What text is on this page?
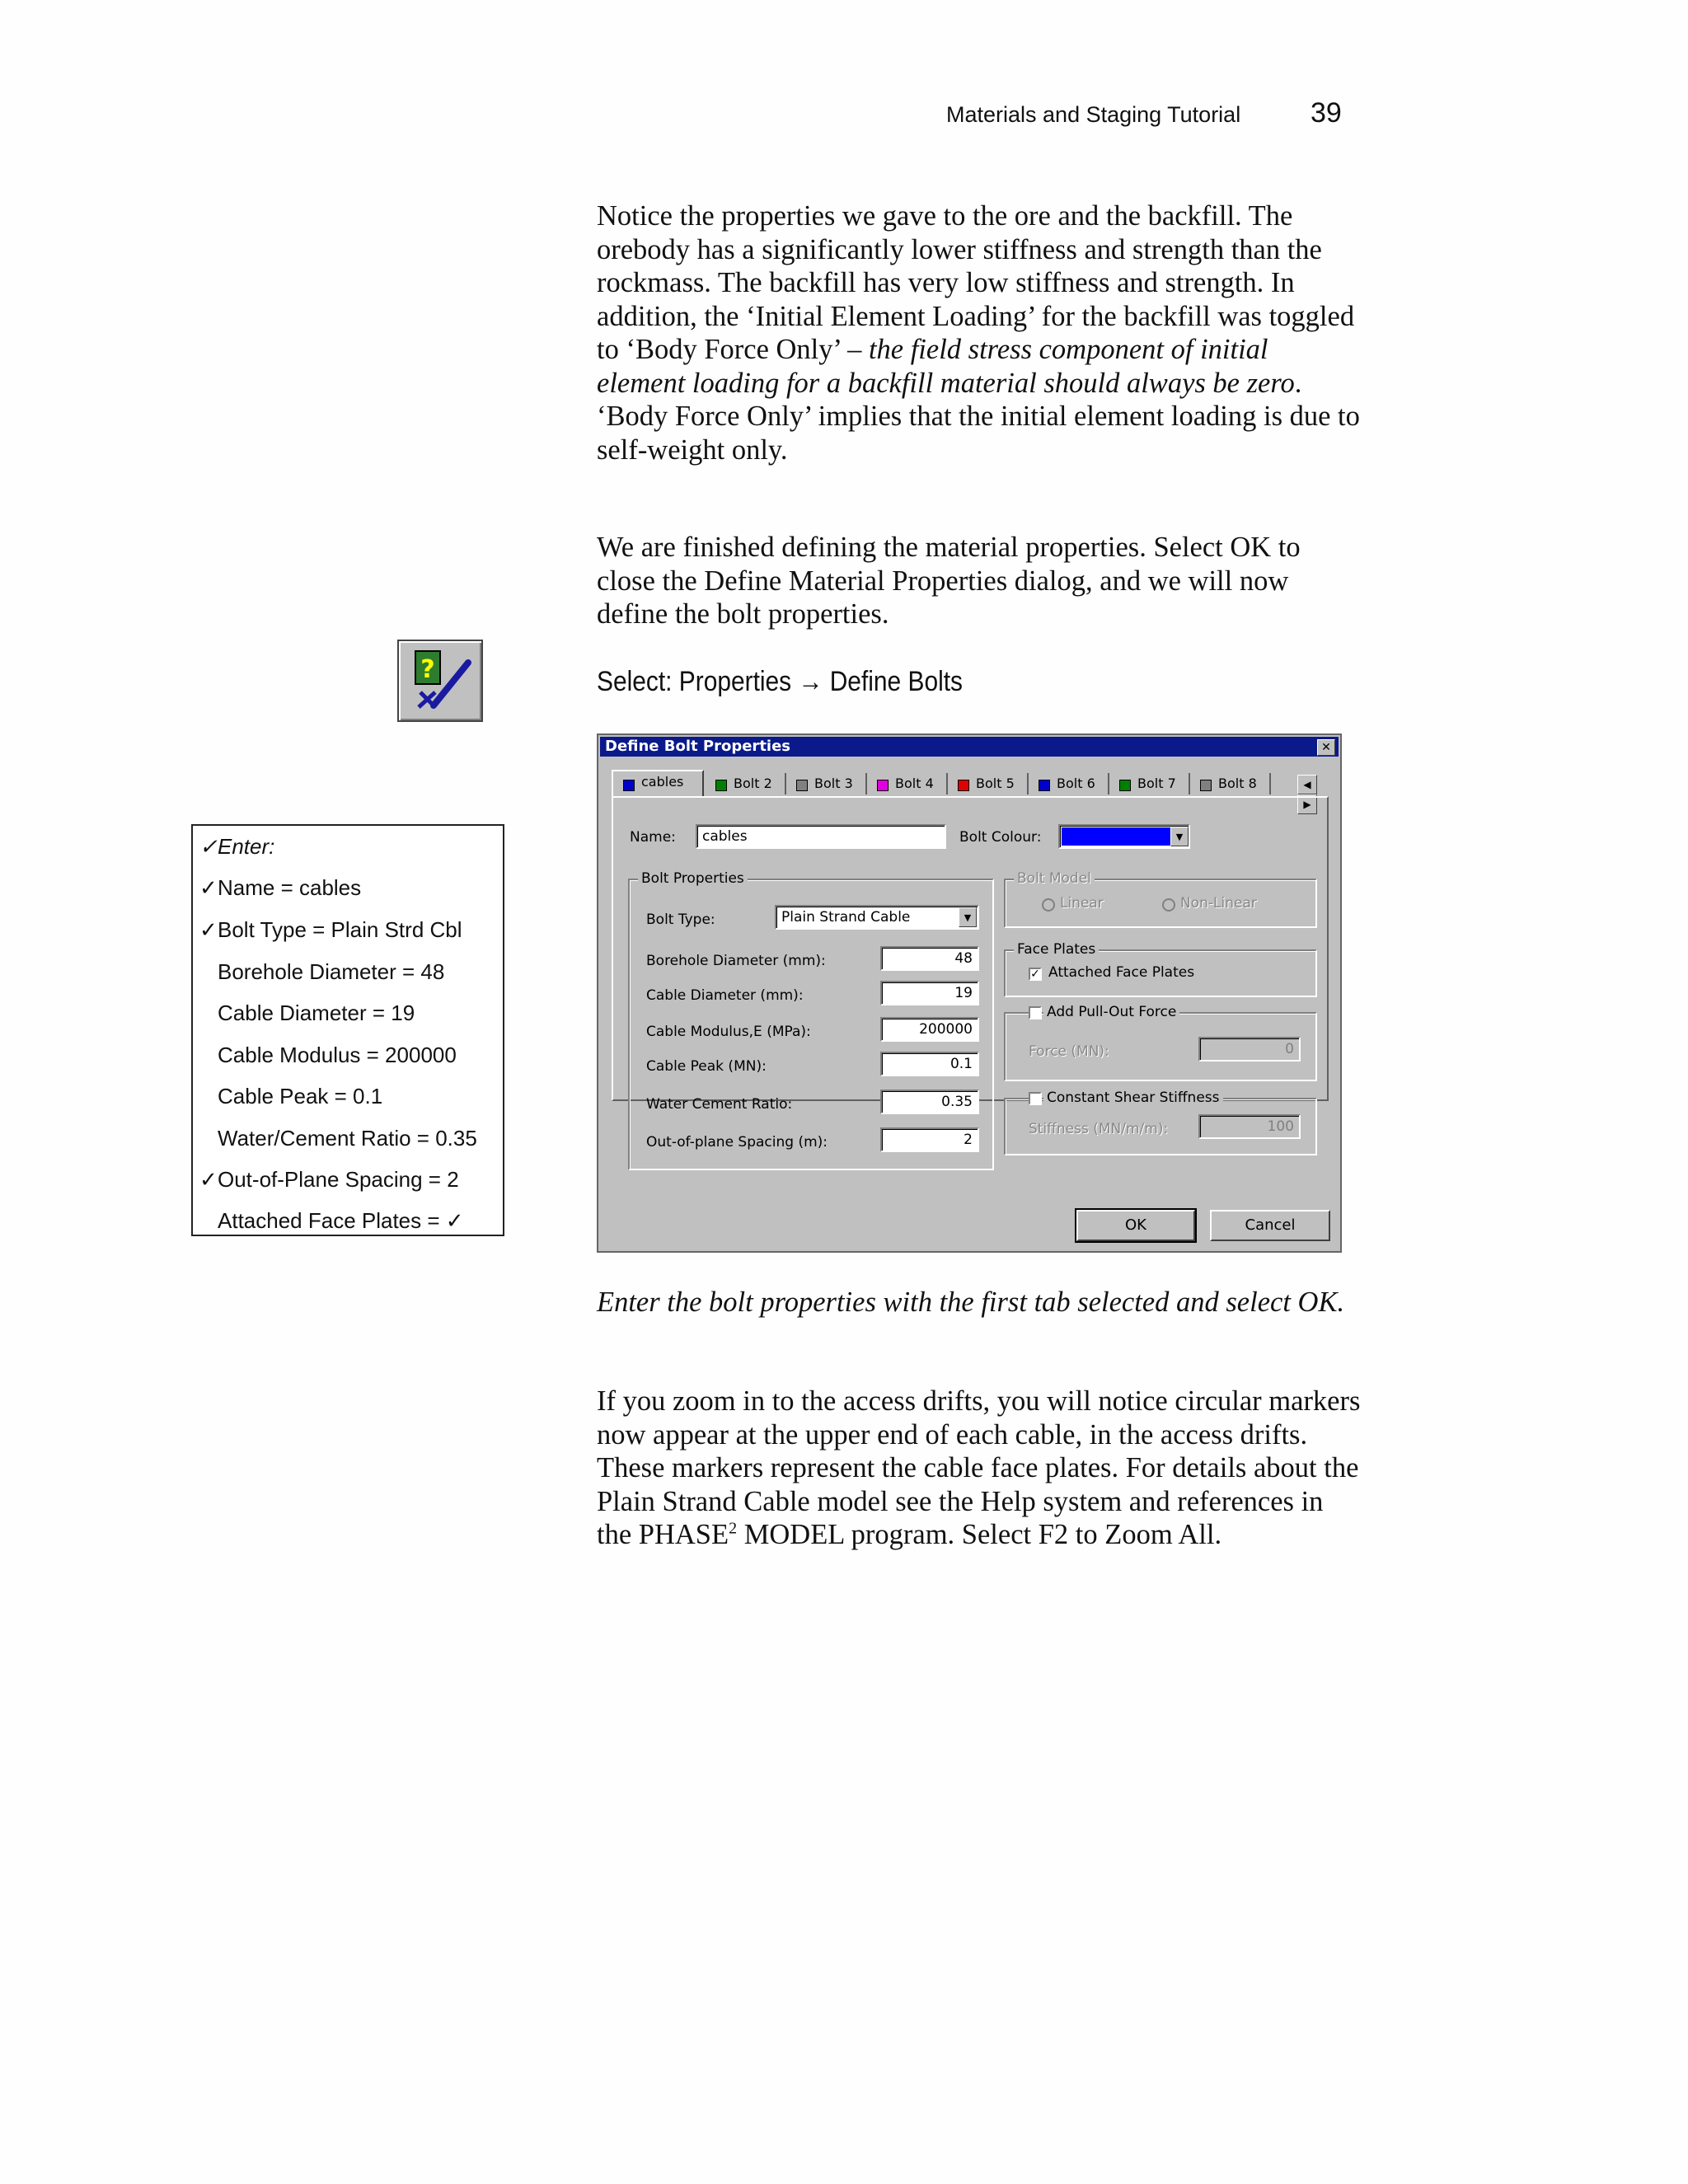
Materials and Staging Tutorial 39

Notice the properties we gave to the ore and the backfill. The orebody has a significantly lower stiffness and strength than the rockmass. The backfill has very low stiffness and strength. In addition, the ‘Initial Element Loading’ for the backfill was toggled to ‘Body Force Only’ – the field stress component of initial element loading for a backfill material should always be zero. ‘Body Force Only’ implies that the initial element loading is due to self-weight only.

We are finished defining the material properties. Select OK to close the Define Material Properties dialog, and we will now define the bolt properties.
?	Select: Properties → Define Bolts
✓Enter:
✓Name = cables
✓Bolt Type = Plain Strd Cbl
Borehole Diameter = 48
Cable Diameter = 19
Cable Modulus = 200000
Cable Peak = 0.1
Water/Cement Ratio = 0.35
✓Out-of-Plane Spacing = 2
Attached Face Plates = ✓
Define Bolt Properties	✕
cables	Bolt 2	Bolt 3	Bolt 4	Bolt 5	Bolt 6	Bolt 7	Bolt 8	◀▶
Name:	cables	Bolt Colour:	▼
Bolt Properties
Bolt Type:	Plain Strand Cable	▼
Borehole Diameter (mm):	48
Cable Diameter (mm):	19
Cable Modulus,E (MPa):	200000
Cable Peak (MN):	0.1
Water Cement Ratio:	0.35
Out-of-plane Spacing (m):	2
Bolt Model
Linear	Non-Linear
Face Plates
✓ Attached Face Plates
Add Pull-Out Force
Force (MN):	0
Constant Shear Stiffness
Stiffness (MN/m/m):	100
OK	Cancel
Enter the bolt properties with the first tab selected and select OK.

If you zoom in to the access drifts, you will notice circular markers now appear at the upper end of each cable, in the access drifts. These markers represent the cable face plates. For details about the Plain Strand Cable model see the Help system and references in the PHASE$^2$ MODEL program. Select F2 to Zoom All.
